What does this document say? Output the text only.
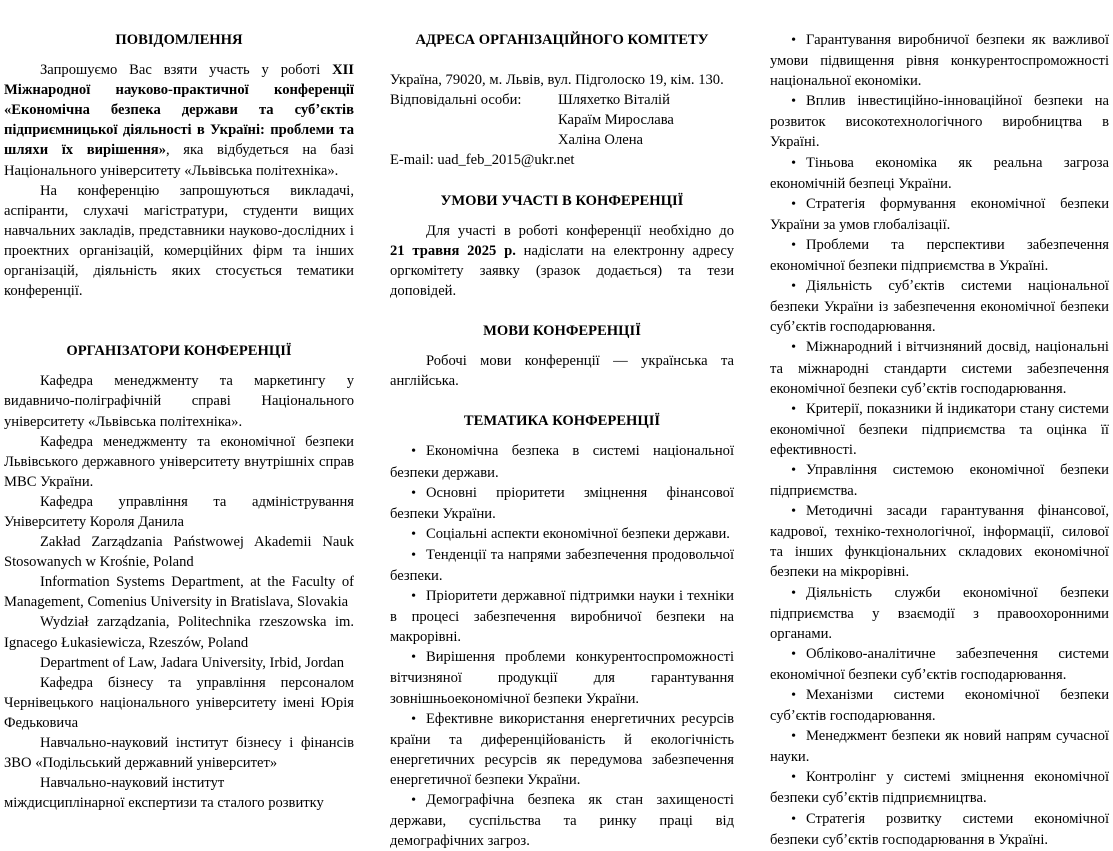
ПОВІДОМЛЕННЯ

Запрошуємо Вас взяти участь у роботі XII Міжнародної науково-практичної конференції «Економічна безпека держави та субʼєктів підприємницької діяльності в Україні: проблеми та шляхи їх вирішення», яка відбудеться на базі Національного університету «Львівська політехніка».

На конференцію запрошуються викладачі, аспіранти, слухачі магістратури, студенти вищих навчальних закладів, представники науково-дослідних і проектних організацій, комерційних фірм та інших організацій, діяльність яких стосується тематики конференції.

ОРГАНІЗАТОРИ КОНФЕРЕНЦІЇ

Кафедра менеджменту та маркетингу у видавничо-поліграфічній справі Національного університету «Львівська політехніка».

Кафедра менеджменту та економічної безпеки Львівського державного університету внутрішніх справ МВС України.

Кафедра управління та адміністрування Університету Короля Данила

Zakład Zarządzania Państwowej Akademii Nauk Stosowanych w Krośnie, Poland

Information Systems Department, at the Faculty of Management, Comenius University in Bratislava, Slovakia

Wydział zarządzania, Politechnika rzeszowska im. Ignacego Łukasiewicza, Rzeszów, Poland

Department of Law, Jadara University, Irbid, Jordan

Кафедра бізнесу та управління персоналом Чернівецького національного університету імені Юрія Федьковича

Навчально-науковий інститут бізнесу і фінансів ЗВО «Подільський державний університет»

Навчально-науковий інститут

міждисциплінарної експертизи та сталого розвитку

АДРЕСА ОРГАНІЗАЦІЙНОГО КОМІТЕТУ

Україна, 79020, м. Львів, вул. Підголоско 19, кім. 130.

Відповідальні особи:	Шляхетко Віталій
Караїм Мирослава
Халіна Олена

E-mail: uad_feb_2015@ukr.net

УМОВИ УЧАСТІ В КОНФЕРЕНЦІЇ

Для участі в роботі конференції необхідно до 21 травня 2025 р. надіслати на електронну адресу оргкомітету заявку (зразок додається) та тези доповідей.

МОВИ КОНФЕРЕНЦІЇ

Робочі мови конференції — українська та англійська.

ТЕМАТИКА КОНФЕРЕНЦІЇ
• Економічна безпека в системі національної безпеки держави.
• Основні пріоритети зміцнення фінансової безпеки України.
• Соціальні аспекти економічної безпеки держави.
• Тенденції та напрями забезпечення продовольчої безпеки.
• Пріоритети державної підтримки науки і техніки в процесі забезпечення виробничої безпеки на макрорівні.
• Вирішення проблеми конкурентоспроможності вітчизняної продукції для гарантування зовнішньоекономічної безпеки України.
• Ефективне використання енергетичних ресурсів країни та диференційованість й екологічність енергетичних ресурсів як передумова забезпечення енергетичної безпеки України.
• Демографічна безпека як стан захищеності держави, суспільства та ринку праці від демографічних загроз.
• Гарантування виробничої безпеки як важливої умови підвищення рівня конкурентоспроможності національної економіки.
• Вплив інвестиційно-інноваційної безпеки на розвиток високотехнологічного виробництва в Україні.
• Тіньова економіка як реальна загроза економічній безпеці України.
• Стратегія формування економічної безпеки України за умов глобалізації.
• Проблеми та перспективи забезпечення економічної безпеки підприємства в Україні.
• Діяльність субʼєктів системи національної безпеки України із забезпечення економічної безпеки субʼєктів господарювання.
• Міжнародний і вітчизняний досвід, національні та міжнародні стандарти системи забезпечення економічної безпеки субʼєктів господарювання.
• Критерії, показники й індикатори стану системи економічної безпеки підприємства та оцінка її ефективності.
• Управління системою економічної безпеки підприємства.
• Методичні засади гарантування фінансової, кадрової, техніко-технологічної, інформації, силової та інших функціональних складових економічної безпеки на мікрорівні.
• Діяльність служби економічної безпеки підприємства у взаємодії з правоохоронними органами.
• Обліково-аналітичне забезпечення системи економічної безпеки субʼєктів господарювання.
• Механізми системи економічної безпеки субʼєктів господарювання.
• Менеджмент безпеки як новий напрям сучасної науки.
• Контролінг у системі зміцнення економічної безпеки субʼєктів підприємництва.
• Стратегія розвитку системи економічної безпеки субʼєктів господарювання в Україні.
